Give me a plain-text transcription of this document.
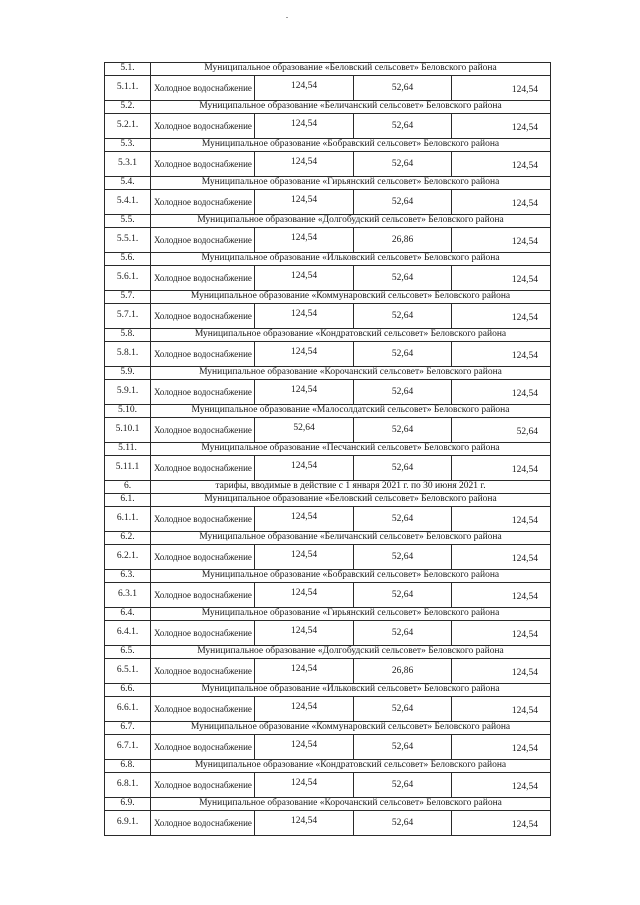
5.1.	Муниципальное образование «Беловский сельсовет» Беловского района			
5.1.1.	Холодное водоснабжение	124,54	52,64	124,54
5.2.	Муниципальное образование «Беличанский сельсовет» Беловского района			
5.2.1.	Холодное водоснабжение	124,54	52,64	124,54
5.3.	Муниципальное образование «Бобравский сельсовет» Беловского района			
5.3.1	Холодное водоснабжение	124,54	52,64	124,54
5.4.	Муниципальное образование «Гирьянский сельсовет» Беловского района			
5.4.1.	Холодное водоснабжение	124,54	52,64	124,54
5.5.	Муниципальное образование «Долгобудский сельсовет» Беловского района			
5.5.1.	Холодное водоснабжение	124,54	26,86	124,54
5.6.	Муниципальное образование «Ильковский сельсовет» Беловского района			
5.6.1.	Холодное водоснабжение	124,54	52,64	124,54
5.7.	Муниципальное образование «Коммунаровский сельсовет» Беловского района			
5.7.1.	Холодное водоснабжение	124,54	52,64	124,54
5.8.	Муниципальное образование «Кондратовский сельсовет» Беловского района			
5.8.1.	Холодное водоснабжение	124,54	52,64	124,54
5.9.	Муниципальное образование «Корочанский сельсовет» Беловского района			
5.9.1.	Холодное водоснабжение	124,54	52,64	124,54
5.10.	Муниципальное образование «Малосолдатский сельсовет» Беловского района			
5.10.1	Холодное водоснабжение	52,64	52,64	52,64
5.11.	Муниципальное образование «Песчанский сельсовет» Беловского района			
5.11.1	Холодное водоснабжение	124,54	52,64	124,54
6.	тарифы, вводимые в действие с 1 января 2021 г. по 30 июня 2021 г.			
6.1.	Муниципальное образование «Беловский сельсовет» Беловского района			
6.1.1.	Холодное водоснабжение	124,54	52,64	124,54
6.2.	Муниципальное образование «Беличанский сельсовет» Беловского района			
6.2.1.	Холодное водоснабжение	124,54	52,64	124,54
6.3.	Муниципальное образование «Бобравский сельсовет» Беловского района			
6.3.1	Холодное водоснабжение	124,54	52,64	124,54
6.4.	Муниципальное образование «Гирьянский сельсовет» Беловского района			
6.4.1.	Холодное водоснабжение	124,54	52,64	124,54
6.5.	Муниципальное образование «Долгобудский сельсовет» Беловского района			
6.5.1.	Холодное водоснабжение	124,54	26,86	124,54
6.6.	Муниципальное образование «Ильковский сельсовет» Беловского района			
6.6.1.	Холодное водоснабжение	124,54	52,64	124,54
6.7.	Муниципальное образование «Коммунаровский сельсовет» Беловского района			
6.7.1.	Холодное водоснабжение	124,54	52,64	124,54
6.8.	Муниципальное образование «Кондратовский сельсовет» Беловского района			
6.8.1.	Холодное водоснабжение	124,54	52,64	124,54
6.9.	Муниципальное образование «Корочанский сельсовет» Беловского района			
6.9.1.	Холодное водоснабжение	124,54	52,64	124,54
